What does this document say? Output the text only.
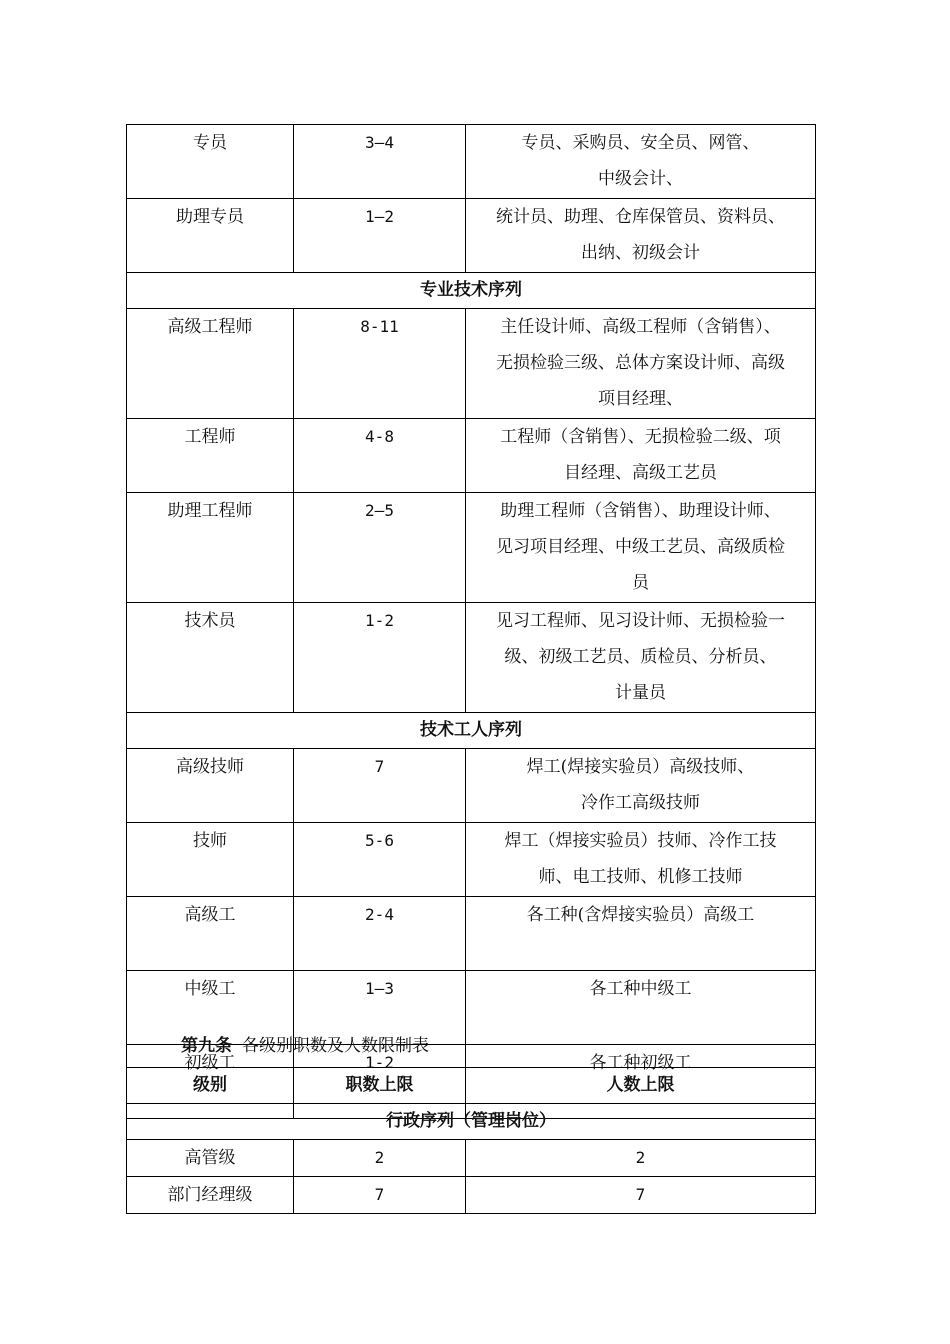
专员	3—4	专员、采购员、安全员、网管、
中级会计、

助理专员	1—2	统计员、助理、仓库保管员、资料员、
出纳、初级会计

专业技术序列		
高级工程师	8-11	主任设计师、高级工程师（含销售）、
无损检验三级、总体方案设计师、高级
项目经理、

工程师	4-8	工程师（含销售）、无损检验二级、项
目经理、高级工艺员

助理工程师	2—5	助理工程师（含销售）、助理设计师、
见习项目经理、中级工艺员、高级质检
员

技术员	1-2	见习工程师、见习设计师、无损检验一
级、初级工艺员、质检员、分析员、
计量员

技术工人序列		
高级技师	7	焊工(焊接实验员）高级技师、
冷作工高级技师

技师	5-6	焊工（焊接实验员）技师、冷作工技
师、电工技师、机修工技师

高级工	2-4	各工种(含焊接实验员）高级工

中级工	1—3	各工种中级工

初级工	1-2	各工种初级工
第九条 各级别职数及人数限制表
级别	职数上限	人数上限
行政序列（管理岗位）		
高管级	2	2
部门经理级	7	7
